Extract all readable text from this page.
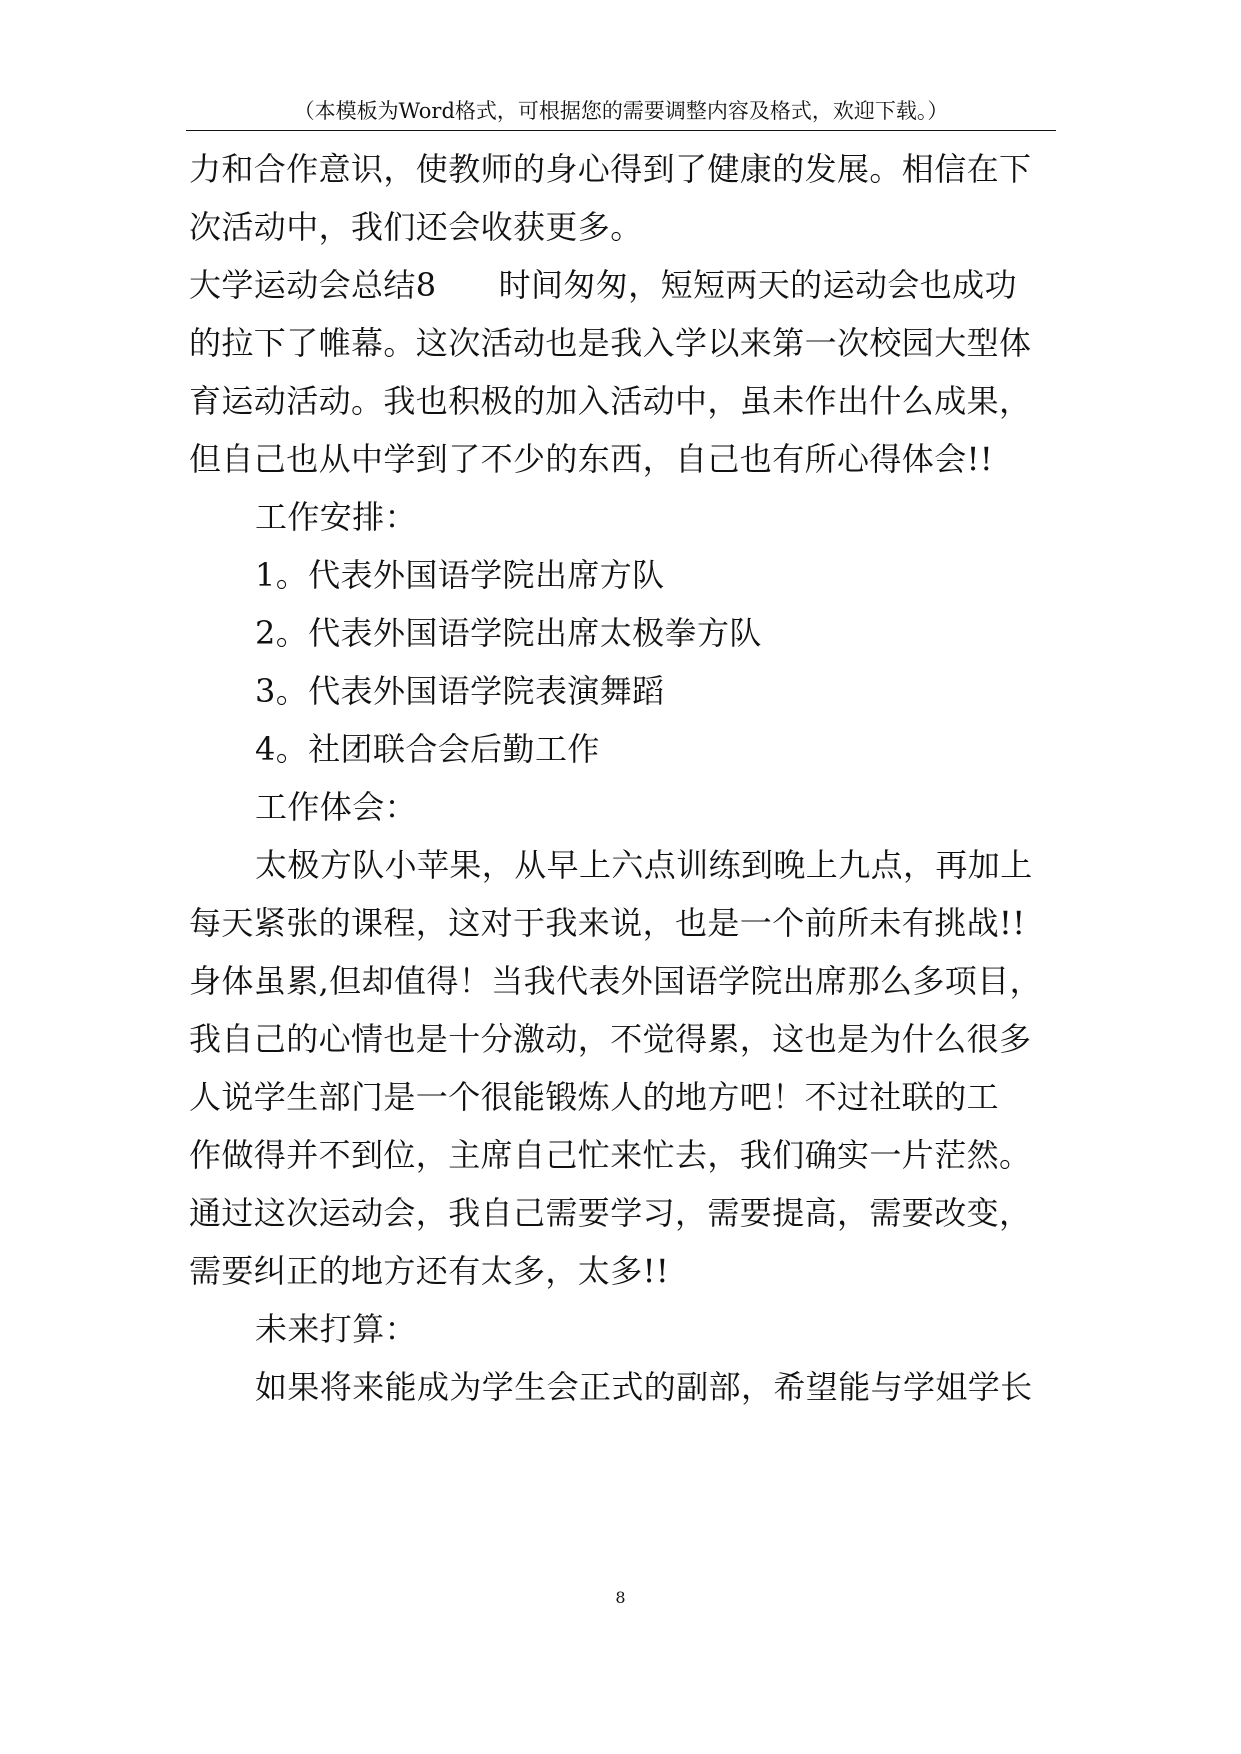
（本模板为Word格式，可根据您的需要调整内容及格式，欢迎下载。）
力和合作意识，使教师的身心得到了健康的发展。相信在下
次活动中，我们还会收获更多。
大学运动会总结8 时间匆匆，短短两天的运动会也成功
的拉下了帷幕。这次活动也是我入学以来第一次校园大型体
育运动活动。我也积极的加入活动中，虽未作出什么成果，
但自己也从中学到了不少的东西，自己也有所心得体会!!
工作安排：
1。代表外国语学院出席方队
2。代表外国语学院出席太极拳方队
3。代表外国语学院表演舞蹈
4。社团联合会后勤工作
工作体会：
太极方队小苹果，从早上六点训练到晚上九点，再加上
每天紧张的课程，这对于我来说，也是一个前所未有挑战!!
身体虽累,但却值得！当我代表外国语学院出席那么多项目，
我自己的心情也是十分激动，不觉得累，这也是为什么很多
人说学生部门是一个很能锻炼人的地方吧！不过社联的工
作做得并不到位，主席自己忙来忙去，我们确实一片茫然。
通过这次运动会，我自己需要学习，需要提高，需要改变，
需要纠正的地方还有太多，太多!!
未来打算：
如果将来能成为学生会正式的副部，希望能与学姐学长
8
